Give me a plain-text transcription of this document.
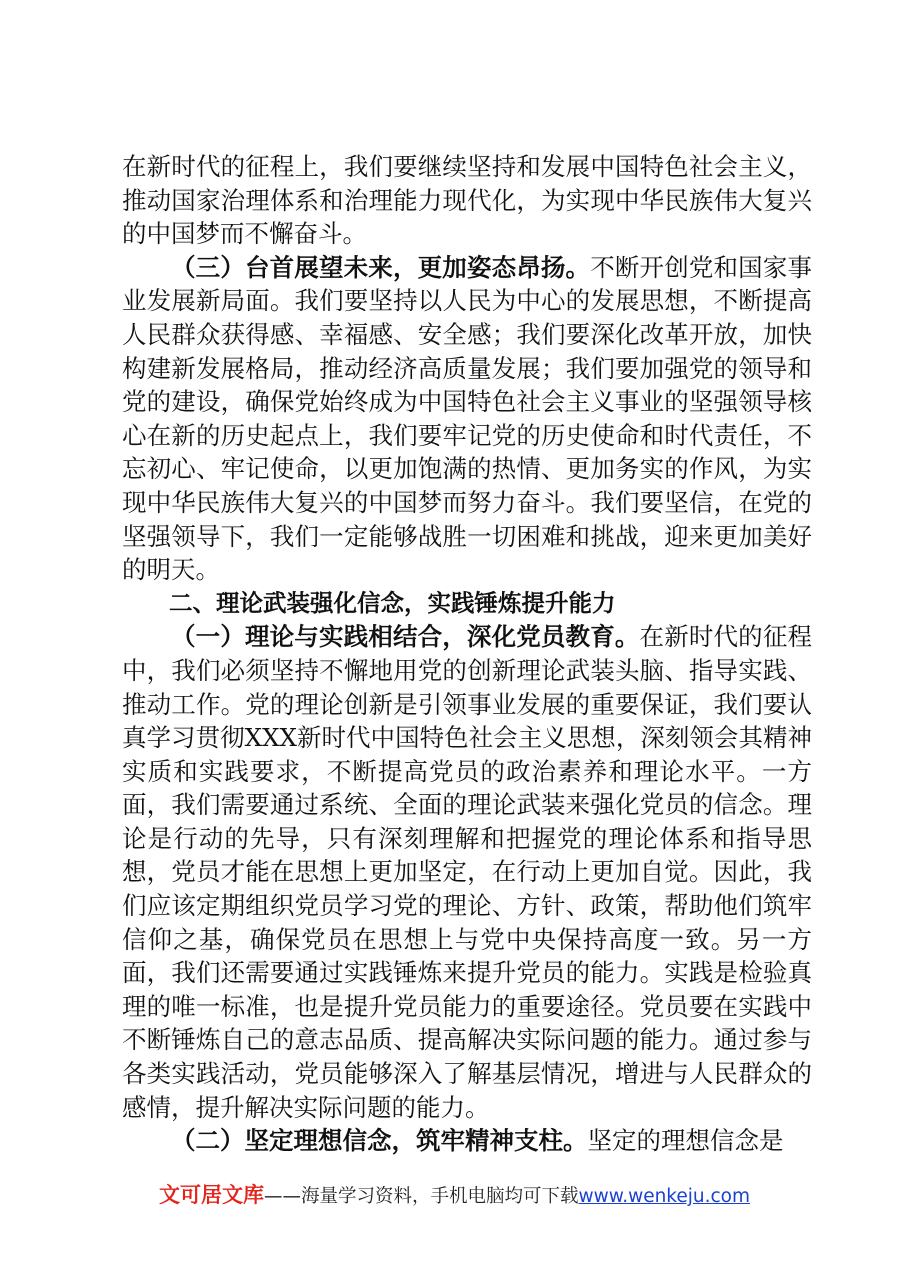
在新时代的征程上，我们要继续坚持和发展中国特色社会主义，推动国家治理体系和治理能力现代化，为实现中华民族伟大复兴的中国梦而不懈奋斗。

（三）台首展望未来，更加姿态昂扬。不断开创党和国家事业发展新局面。我们要坚持以人民为中心的发展思想，不断提高人民群众获得感、幸福感、安全感；我们要深化改革开放，加快构建新发展格局，推动经济高质量发展；我们要加强党的领导和党的建设，确保党始终成为中国特色社会主义事业的坚强领导核心在新的历史起点上，我们要牢记党的历史使命和时代责任，不忘初心、牢记使命，以更加饱满的热情、更加务实的作风，为实现中华民族伟大复兴的中国梦而努力奋斗。我们要坚信，在党的坚强领导下，我们一定能够战胜一切困难和挑战，迎来更加美好的明天。

二、理论武装强化信念，实践锤炼提升能力

（一）理论与实践相结合，深化党员教育。在新时代的征程中，我们必须坚持不懈地用党的创新理论武装头脑、指导实践、推动工作。党的理论创新是引领事业发展的重要保证，我们要认真学习贯彻XXX新时代中国特色社会主义思想，深刻领会其精神实质和实践要求，不断提高党员的政治素养和理论水平。一方面，我们需要通过系统、全面的理论武装来强化党员的信念。理论是行动的先导，只有深刻理解和把握党的理论体系和指导思想，党员才能在思想上更加坚定，在行动上更加自觉。因此，我们应该定期组织党员学习党的理论、方针、政策，帮助他们筑牢信仰之基，确保党员在思想上与党中央保持高度一致。另一方面，我们还需要通过实践锤炼来提升党员的能力。实践是检验真理的唯一标准，也是提升党员能力的重要途径。党员要在实践中不断锤炼自己的意志品质、提高解决实际问题的能力。通过参与各类实践活动，党员能够深入了解基层情况，增进与人民群众的感情，提升解决实际问题的能力。

（二）坚定理想信念，筑牢精神支柱。坚定的理想信念是

文可居文库——海量学习资料，手机电脑均可下载www.wenkeju.com
